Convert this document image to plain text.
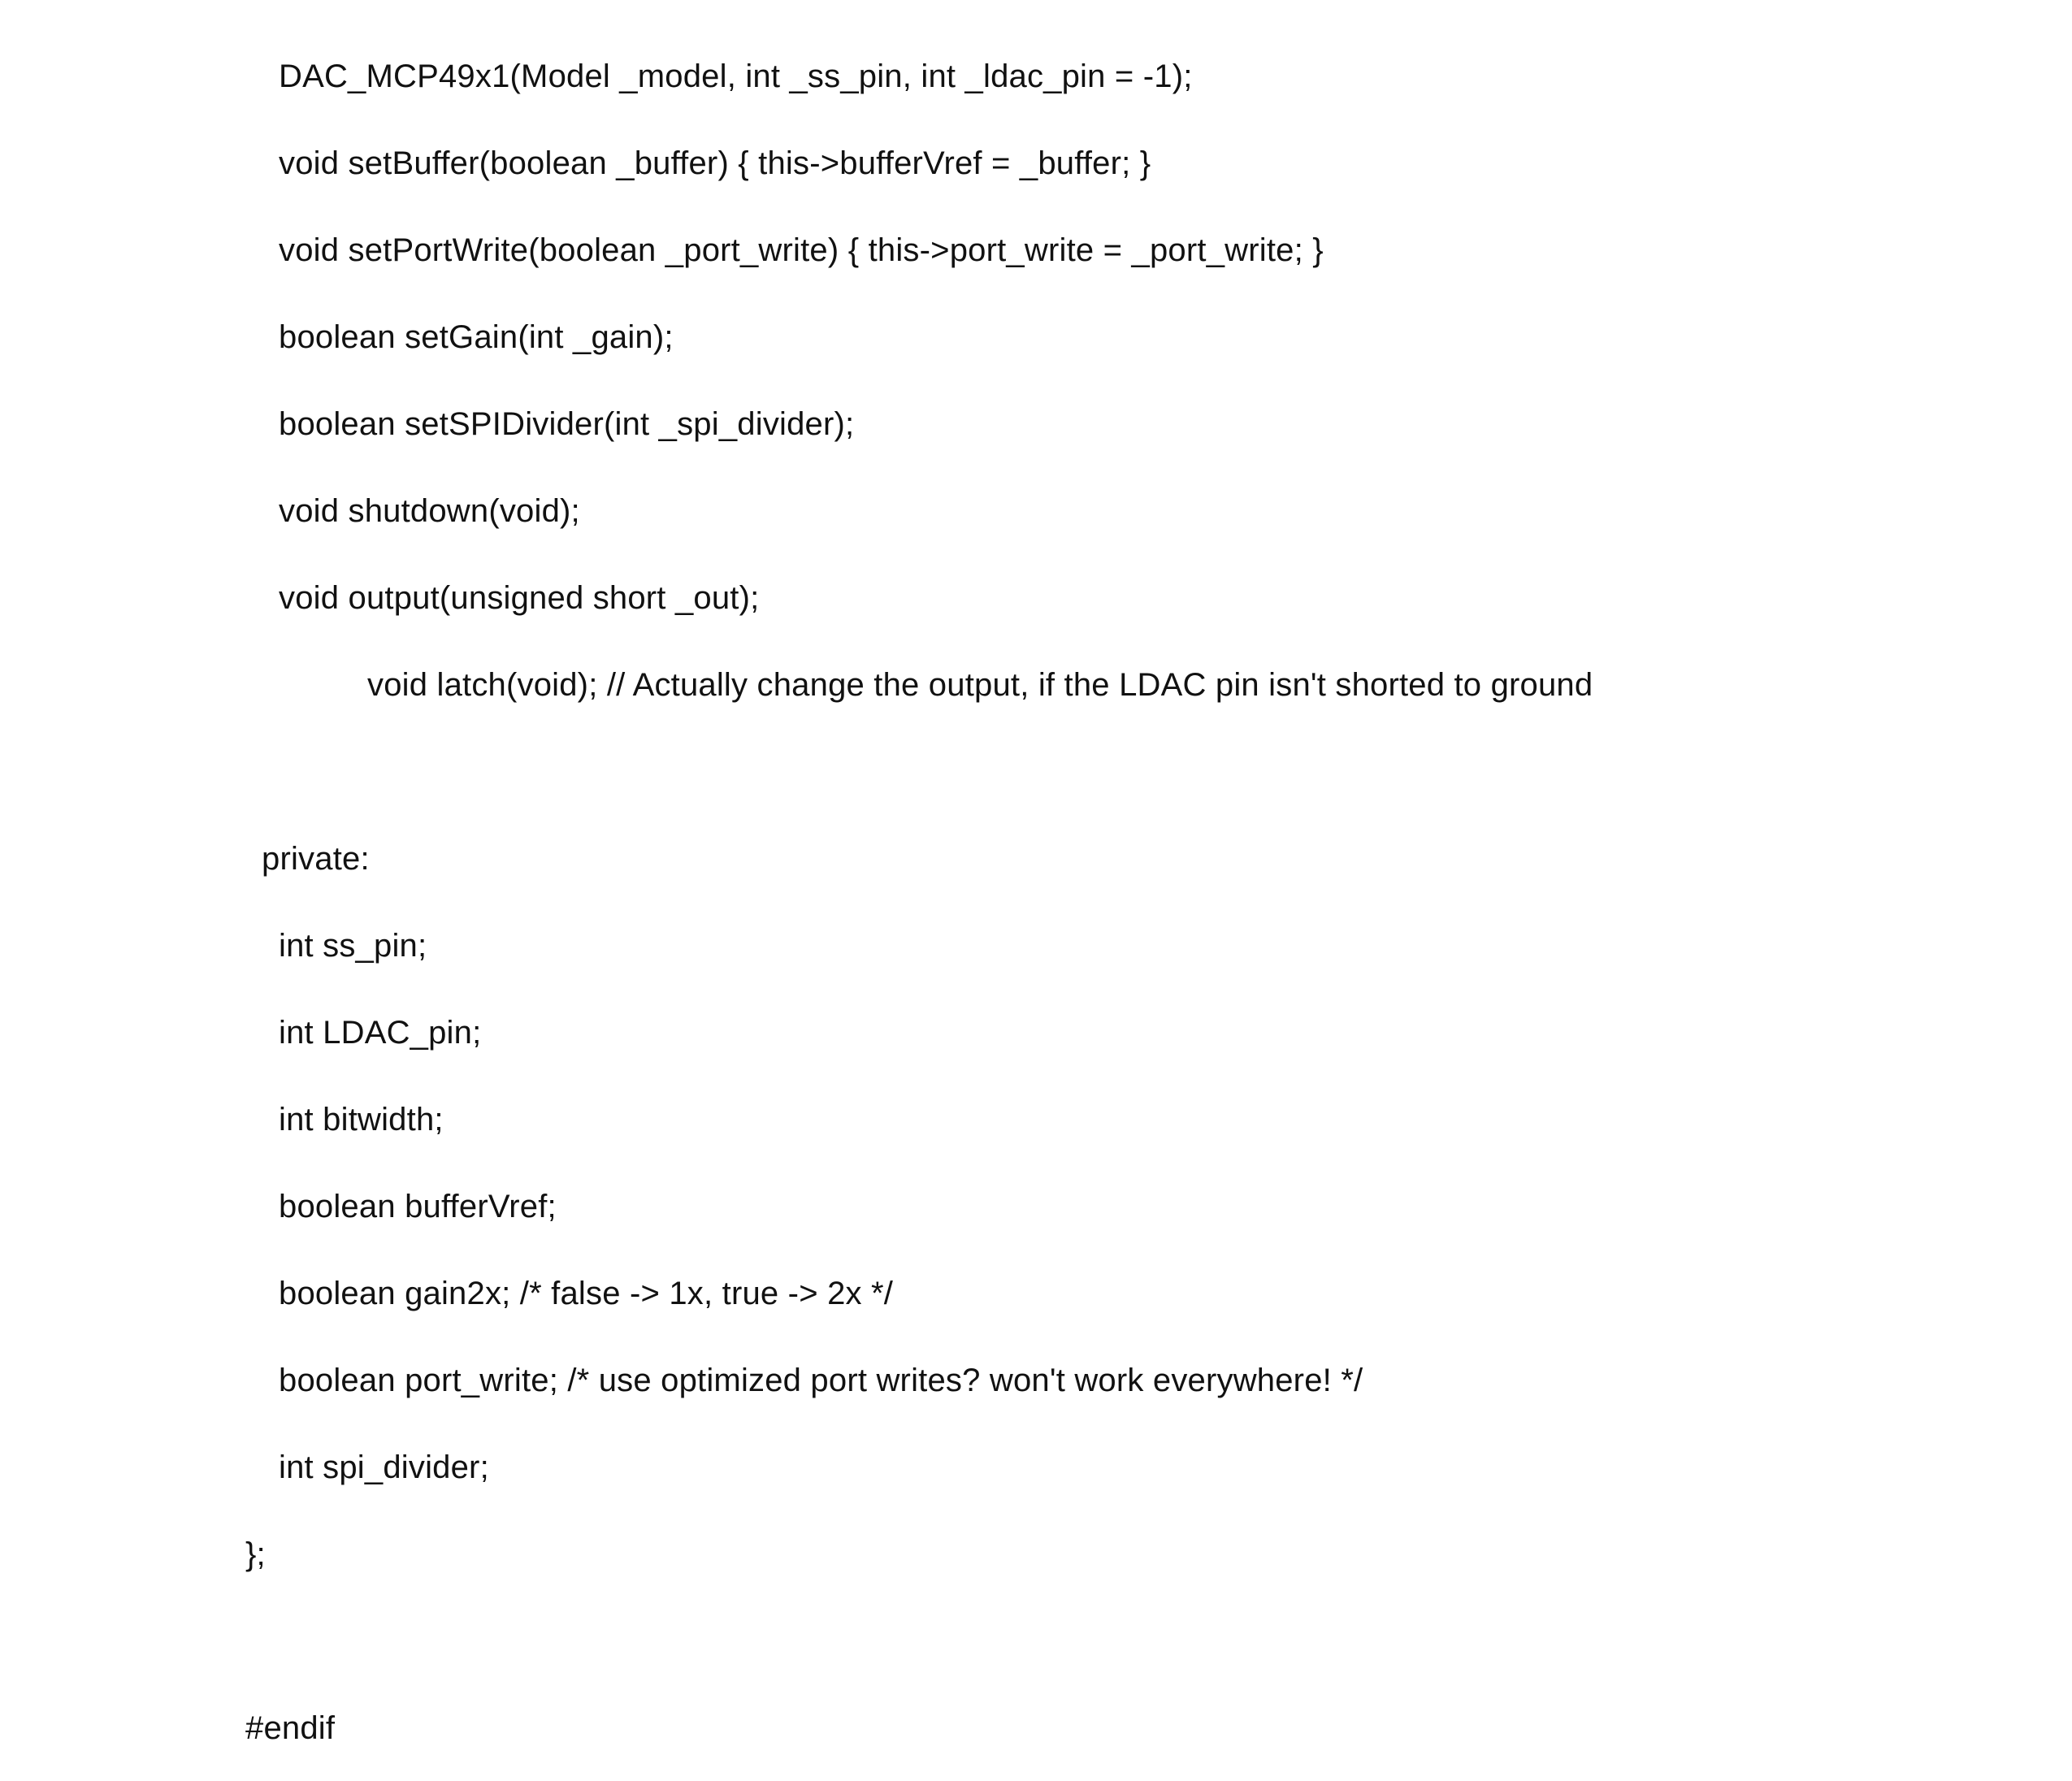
DAC_MCP49x1(Model _model, int _ss_pin, int _ldac_pin = -1);
void setBuffer(boolean _buffer) { this->bufferVref = _buffer; }
void setPortWrite(boolean _port_write) { this->port_write = _port_write; }
boolean setGain(int _gain);
boolean setSPIDivider(int _spi_divider);
void shutdown(void);
void output(unsigned short _out);
void latch(void); // Actually change the output, if the LDAC pin isn't shorted to ground
private:
int ss_pin;
int LDAC_pin;
int bitwidth;
boolean bufferVref;
boolean gain2x; /* false -> 1x, true -> 2x */
boolean port_write; /* use optimized port writes? won't work everywhere! */
int spi_divider;
};
#endif
